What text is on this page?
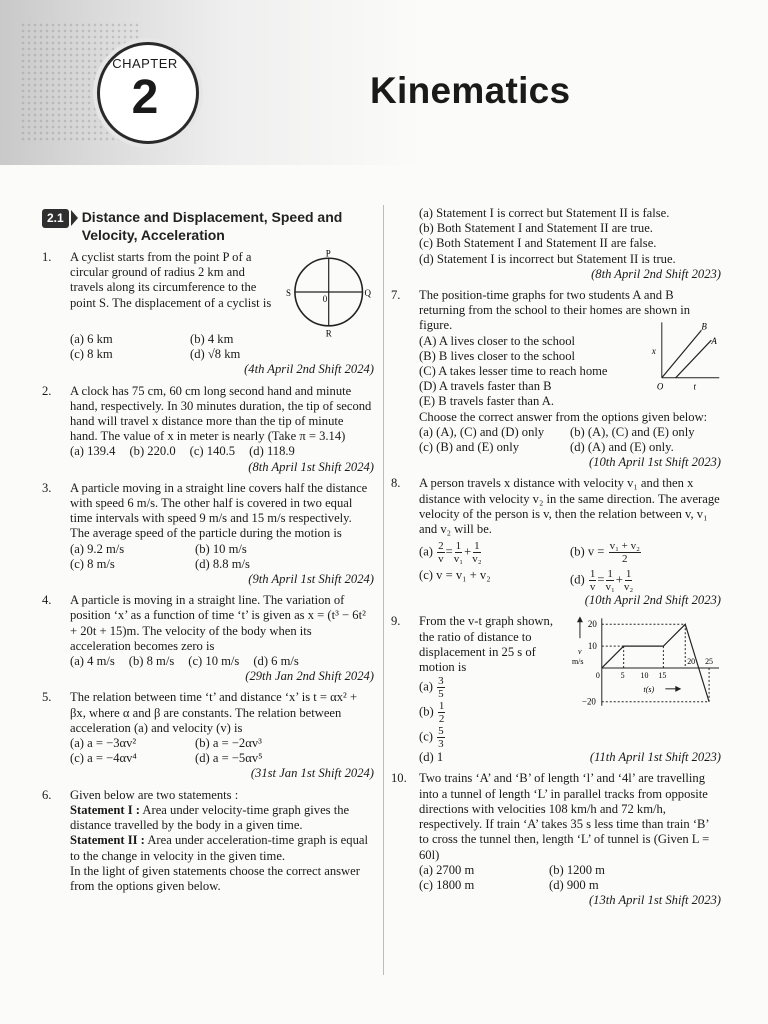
CHAPTER
2	Kinematics
2.1	Distance and Displacement, Speed and Velocity, Acceleration
1.	A cyclist starts from the point P of a circular ground of radius 2 km and travels along its circumference to the point S. The displacement of a cyclist is
P
Q
R
S
0
(a) 6 km	(b) 4 km
(c) 8 km	(d) √8 km
(4th April 2nd Shift 2024)
2.	A clock has 75 cm, 60 cm long second hand and minute hand, respectively. In 30 minutes duration, the tip of second hand will travel x distance more than the tip of minute hand. The value of x in meter is nearly (Take π = 3.14)
(a) 139.4 (b) 220.0 (c) 140.5 (d) 118.9
(8th April 1st Shift 2024)
3.	A particle moving in a straight line covers half the distance with speed 6 m/s. The other half is covered in two equal time intervals with speed 9 m/s and 15 m/s respectively. The average speed of the particle during the motion is
(a) 9.2 m/s	(b) 10 m/s
(c) 8 m/s	(d) 8.8 m/s
(9th April 1st Shift 2024)
4.	A particle is moving in a straight line. The variation of position ‘x’ as a function of time ‘t’ is given as x = (t³ − 6t² + 20t + 15)m. The velocity of the body when its acceleration becomes zero is
(a) 4 m/s (b) 8 m/s (c) 10 m/s (d) 6 m/s
(29th Jan 2nd Shift 2024)
5.	The relation between time ‘t’ and distance ‘x’ is t = αx² + βx, where α and β are constants. The relation between acceleration (a) and velocity (v) is
(a) a = −3αv²	(b) a = −2αv³
(c) a = −4αv⁴	(d) a = −5αv⁵
(31st Jan 1st Shift 2024)
6.	Given below are two statements :
Statement I : Area under velocity-time graph gives the distance travelled by the body in a given time.
Statement II : Area under acceleration-time graph is equal to the change in velocity in the given time.
In the light of given statements choose the correct answer from the options given below.
(a) Statement I is correct but Statement II is false.
(b) Both Statement I and Statement II are true.
(c) Both Statement I and Statement II are false.
(d) Statement I is incorrect but Statement II is true.
(8th April 2nd Shift 2023)
7.	The position-time graphs for two students A and B returning from the school to their homes are shown in figure.
(A) A lives closer to the school
(B) B lives closer to the school
(C) A takes lesser time to reach home
(D) A travels faster than B
(E) B travels faster than A.
B
A
x
O	t
Choose the correct answer from the options given below:
(a) (A), (C) and (D) only	(b) (A), (C) and (E) only
(c) (B) and (E) only	(d) (A) and (E) only.
(10th April 1st Shift 2023)
8.	A person travels x distance with velocity v₁ and then x distance with velocity v₂ in the same direction. The average velocity of the person is v, then the relation between v, v₁ and v₂ will be.
$(a) \frac{2}{v} = \frac{1}{\text{v₁}} + \frac{1}{\text{v₂}}$	(b) $v = \frac{\text{v₁ + v₂}}{2}$
(c) v = v₁ + v₂	$(d) \frac{1}{v} = \frac{1}{\text{v₁}} + \frac{1}{\text{v₂}}$
(10th April 2nd Shift 2023)
9.	From the v-t graph shown, the ratio of distance to displacement in 25 s of motion is
$(a) \frac{3}{5}$
$(b) \frac{1}{2}$
$(c) \frac{5}{3}$
20
10
−20
v
m/s
0	5 10 15
20 25
t(s)
(d) 1	(11th April 1st Shift 2023)
10. Two trains ‘A’ and ‘B’ of length ‘l’ and ‘4l’ are travelling into a tunnel of length ‘L’ in parallel tracks from opposite directions with velocities 108 km/h and 72 km/h, respectively. If train ‘A’ takes 35 s less time than train ‘B’ to cross the tunnel then, length ‘L’ of tunnel is (Given L = 60l)
(a) 2700 m	(b) 1200 m
(c) 1800 m	(d) 900 m
(13th April 1st Shift 2023)
